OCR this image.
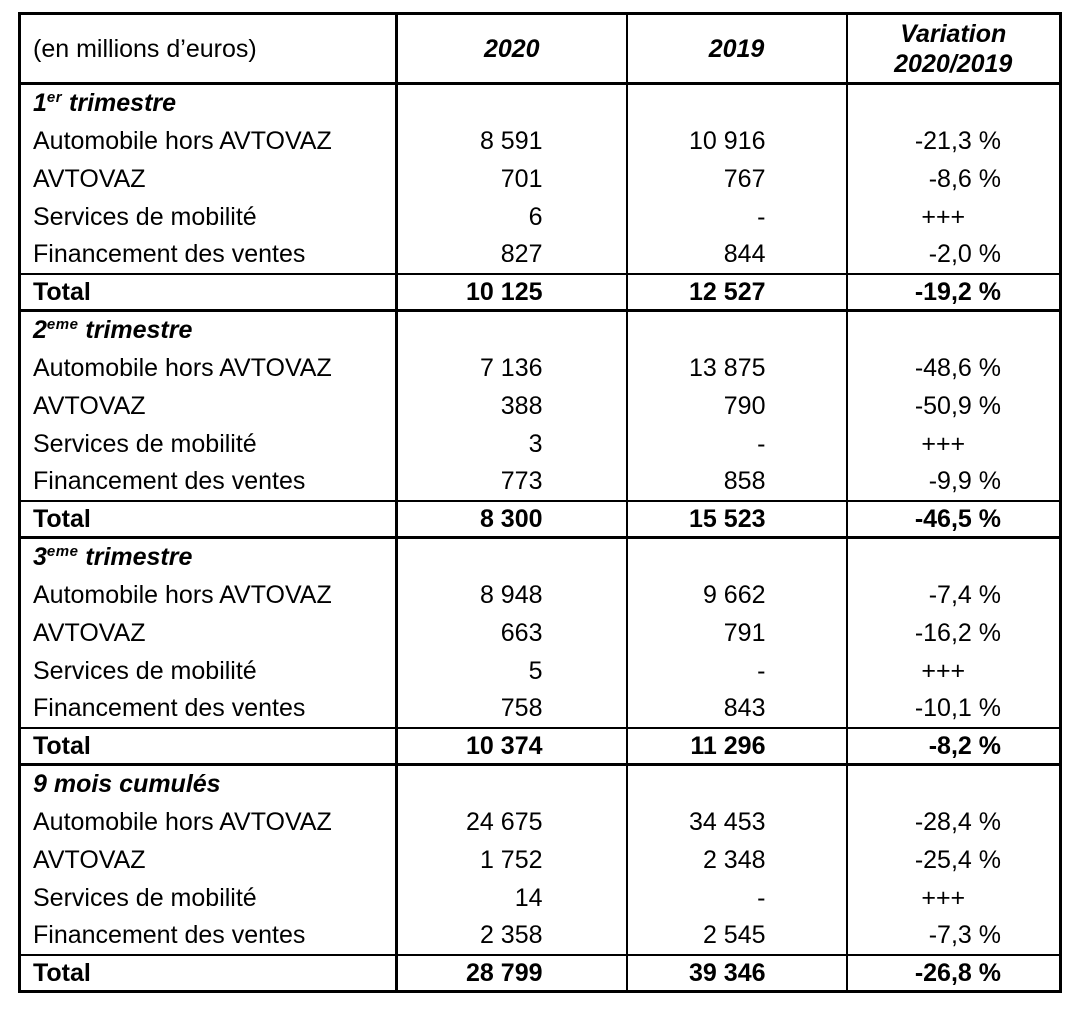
(en millions d’euros)	2020	2019	Variation
2020/2019

1er trimestre			
Automobile hors AVTOVAZ	8 591	10 916	-21,3 %
AVTOVAZ	701	767	-8,6 %
Services de mobilité	6	-	+++
Financement des ventes	827	844	-2,0 %
Total	10 125	12 527	-19,2 %
2eme trimestre			
Automobile hors AVTOVAZ	7 136	13 875	-48,6 %
AVTOVAZ	388	790	-50,9 %
Services de mobilité	3	-	+++
Financement des ventes	773	858	-9,9 %
Total	8 300	15 523	-46,5 %
3eme trimestre			
Automobile hors AVTOVAZ	8 948	9 662	-7,4 %
AVTOVAZ	663	791	-16,2 %
Services de mobilité	5	-	+++
Financement des ventes	758	843	-10,1 %
Total	10 374	11 296	-8,2 %
9 mois cumulés			
Automobile hors AVTOVAZ	24 675	34 453	-28,4 %
AVTOVAZ	1 752	2 348	-25,4 %
Services de mobilité	14	-	+++
Financement des ventes	2 358	2 545	-7,3 %
Total	28 799	39 346	-26,8 %
